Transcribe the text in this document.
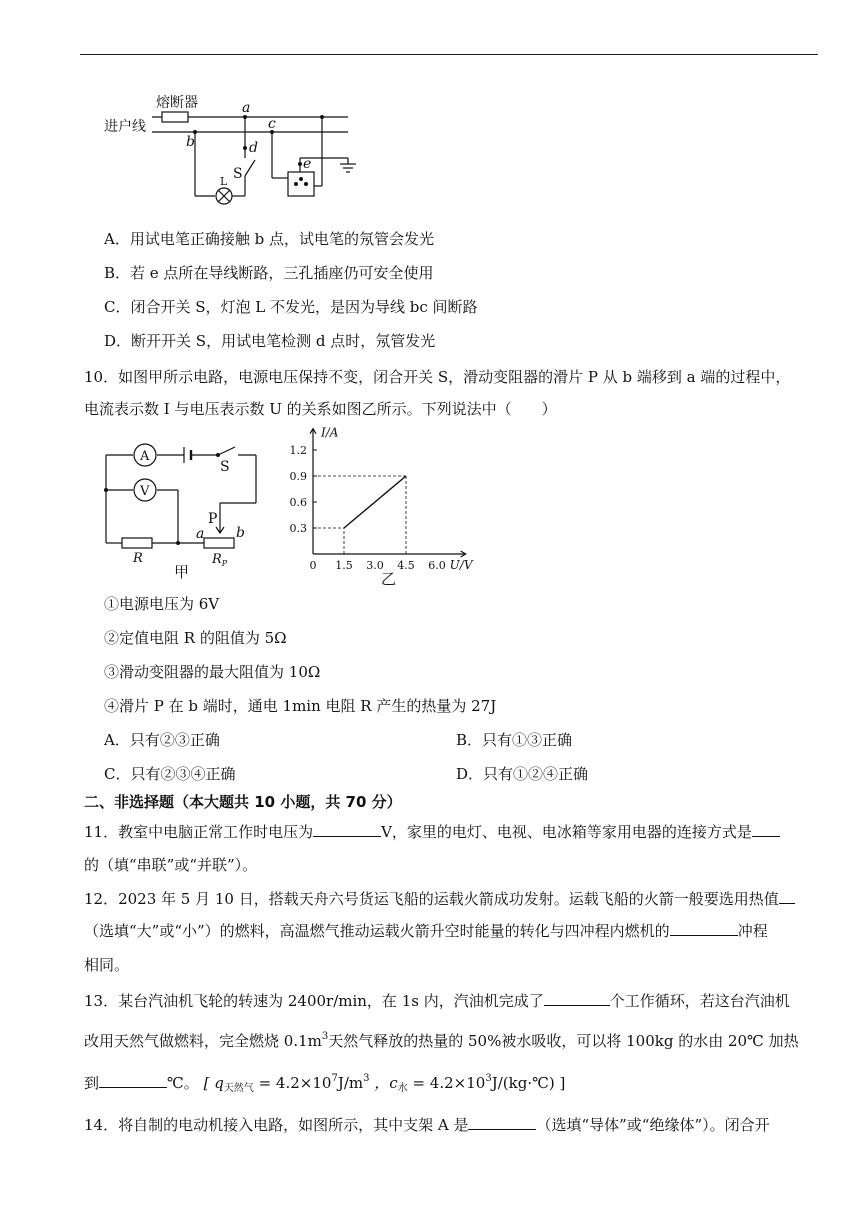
熔断器
进户线
a
b
c
d
e
S
L
A．用试电笔正确接触 b 点，试电笔的氖管会发光
B．若 e 点所在导线断路，三孔插座仍可安全使用
C．闭合开关 S，灯泡 L 不发光，是因为导线 bc 间断路
D．断开开关 S，用试电笔检测 d 点时，氖管发光
10．如图甲所示电路，电源电压保持不变，闭合开关 S，滑动变阻器的滑片 P 从 b 端移到 a 端的过程中，
电流表示数 I 与电压表示数 U 的关系如图乙所示。下列说法中（　　）
A
V
S
P
a b
R	$R_P$
甲	0 1.5 3.0 4.5 6.0
0.3
0.6
0.9
1.2
I/A
U/V
乙
①电源电压为 6V
②定值电阻 R 的阻值为 5Ω
③滑动变阻器的最大阻值为 10Ω
④滑片 P 在 b 端时，通电 1min 电阻 R 产生的热量为 27J
A．只有②③正确	B．只有①③正确
C．只有②③④正确	D．只有①②④正确
二、非选择题（本大题共 10 小题，共 70 分）
11．教室中电脑正常工作时电压为	V，家里的电灯、电视、电冰箱等家用电器的连接方式是
的（填“串联”或“并联”）。
12．2023 年 5 月 10 日，搭载天舟六号货运飞船的运载火箭成功发射。运载飞船的火箭一般要选用热值
（选填“大”或“小”）的燃料，高温燃气推动运载火箭升空时能量的转化与四冲程内燃机的	冲程
相同。
13．某台汽油机飞轮的转速为 2400r/min，在 1s 内，汽油机完成了	个工作循环，若这台汽油机
改用天然气做燃料，完全燃烧 $0.1m^3$天然气释放的热量的 50%被水吸收，可以将 100kg 的水由 20℃ 加热
到	℃。 [ $q_{天然气} = 4.2\times 10^7J/m^3$ ，$c_水$ = $4.2\times 10^3J/(kg\cdot℃)$ ]
14．将自制的电动机接入电路，如图所示，其中支架 A 是	（选填“导体”或“绝缘体”）。闭合开
